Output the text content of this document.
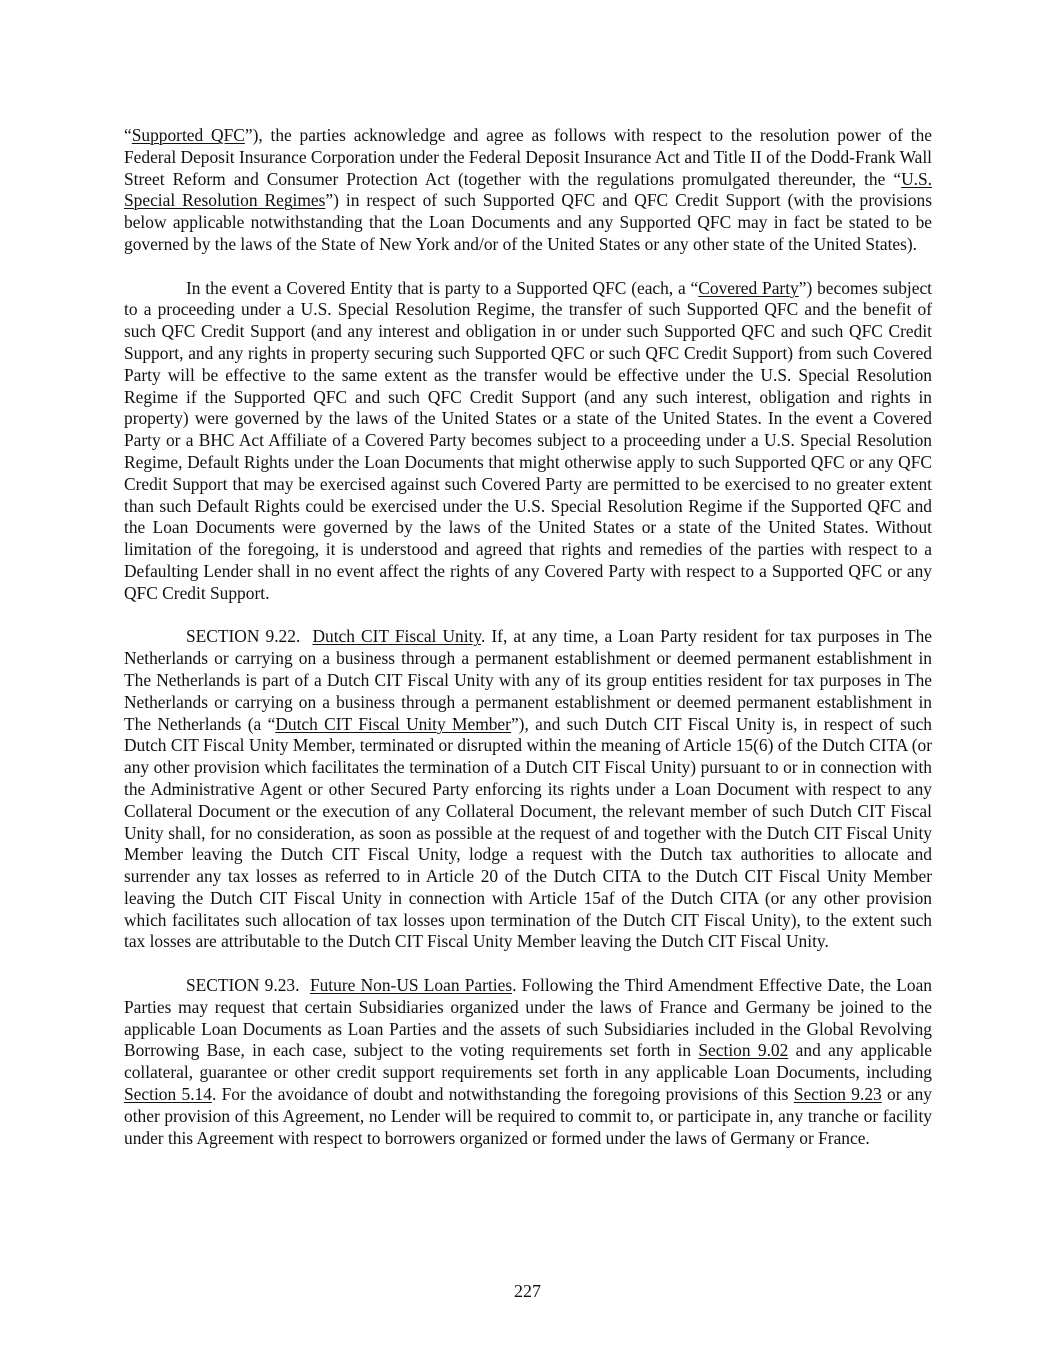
“Supported QFC”), the parties acknowledge and agree as follows with respect to the resolution power of the Federal Deposit Insurance Corporation under the Federal Deposit Insurance Act and Title II of the Dodd-Frank Wall Street Reform and Consumer Protection Act (together with the regulations promulgated thereunder, the “U.S. Special Resolution Regimes”) in respect of such Supported QFC and QFC Credit Support (with the provisions below applicable notwithstanding that the Loan Documents and any Supported QFC may in fact be stated to be governed by the laws of the State of New York and/or of the United States or any other state of the United States).

In the event a Covered Entity that is party to a Supported QFC (each, a “Covered Party”) becomes subject to a proceeding under a U.S. Special Resolution Regime, the transfer of such Supported QFC and the benefit of such QFC Credit Support (and any interest and obligation in or under such Supported QFC and such QFC Credit Support, and any rights in property securing such Supported QFC or such QFC Credit Support) from such Covered Party will be effective to the same extent as the transfer would be effective under the U.S. Special Resolution Regime if the Supported QFC and such QFC Credit Support (and any such interest, obligation and rights in property) were governed by the laws of the United States or a state of the United States. In the event a Covered Party or a BHC Act Affiliate of a Covered Party becomes subject to a proceeding under a U.S. Special Resolution Regime, Default Rights under the Loan Documents that might otherwise apply to such Supported QFC or any QFC Credit Support that may be exercised against such Covered Party are permitted to be exercised to no greater extent than such Default Rights could be exercised under the U.S. Special Resolution Regime if the Supported QFC and the Loan Documents were governed by the laws of the United States or a state of the United States. Without limitation of the foregoing, it is understood and agreed that rights and remedies of the parties with respect to a Defaulting Lender shall in no event affect the rights of any Covered Party with respect to a Supported QFC or any QFC Credit Support.

SECTION 9.22. Dutch CIT Fiscal Unity. If, at any time, a Loan Party resident for tax purposes in The Netherlands or carrying on a business through a permanent establishment or deemed permanent establishment in The Netherlands is part of a Dutch CIT Fiscal Unity with any of its group entities resident for tax purposes in The Netherlands or carrying on a business through a permanent establishment or deemed permanent establishment in The Netherlands (a “Dutch CIT Fiscal Unity Member”), and such Dutch CIT Fiscal Unity is, in respect of such Dutch CIT Fiscal Unity Member, terminated or disrupted within the meaning of Article 15(6) of the Dutch CITA (or any other provision which facilitates the termination of a Dutch CIT Fiscal Unity) pursuant to or in connection with the Administrative Agent or other Secured Party enforcing its rights under a Loan Document with respect to any Collateral Document or the execution of any Collateral Document, the relevant member of such Dutch CIT Fiscal Unity shall, for no consideration, as soon as possible at the request of and together with the Dutch CIT Fiscal Unity Member leaving the Dutch CIT Fiscal Unity, lodge a request with the Dutch tax authorities to allocate and surrender any tax losses as referred to in Article 20 of the Dutch CITA to the Dutch CIT Fiscal Unity Member leaving the Dutch CIT Fiscal Unity in connection with Article 15af of the Dutch CITA (or any other provision which facilitates such allocation of tax losses upon termination of the Dutch CIT Fiscal Unity), to the extent such tax losses are attributable to the Dutch CIT Fiscal Unity Member leaving the Dutch CIT Fiscal Unity.

SECTION 9.23. Future Non-US Loan Parties. Following the Third Amendment Effective Date, the Loan Parties may request that certain Subsidiaries organized under the laws of France and Germany be joined to the applicable Loan Documents as Loan Parties and the assets of such Subsidiaries included in the Global Revolving Borrowing Base, in each case, subject to the voting requirements set forth in Section 9.02 and any applicable collateral, guarantee or other credit support requirements set forth in any applicable Loan Documents, including Section 5.14. For the avoidance of doubt and notwithstanding the foregoing provisions of this Section 9.23 or any other provision of this Agreement, no Lender will be required to commit to, or participate in, any tranche or facility under this Agreement with respect to borrowers organized or formed under the laws of Germany or France.

227
